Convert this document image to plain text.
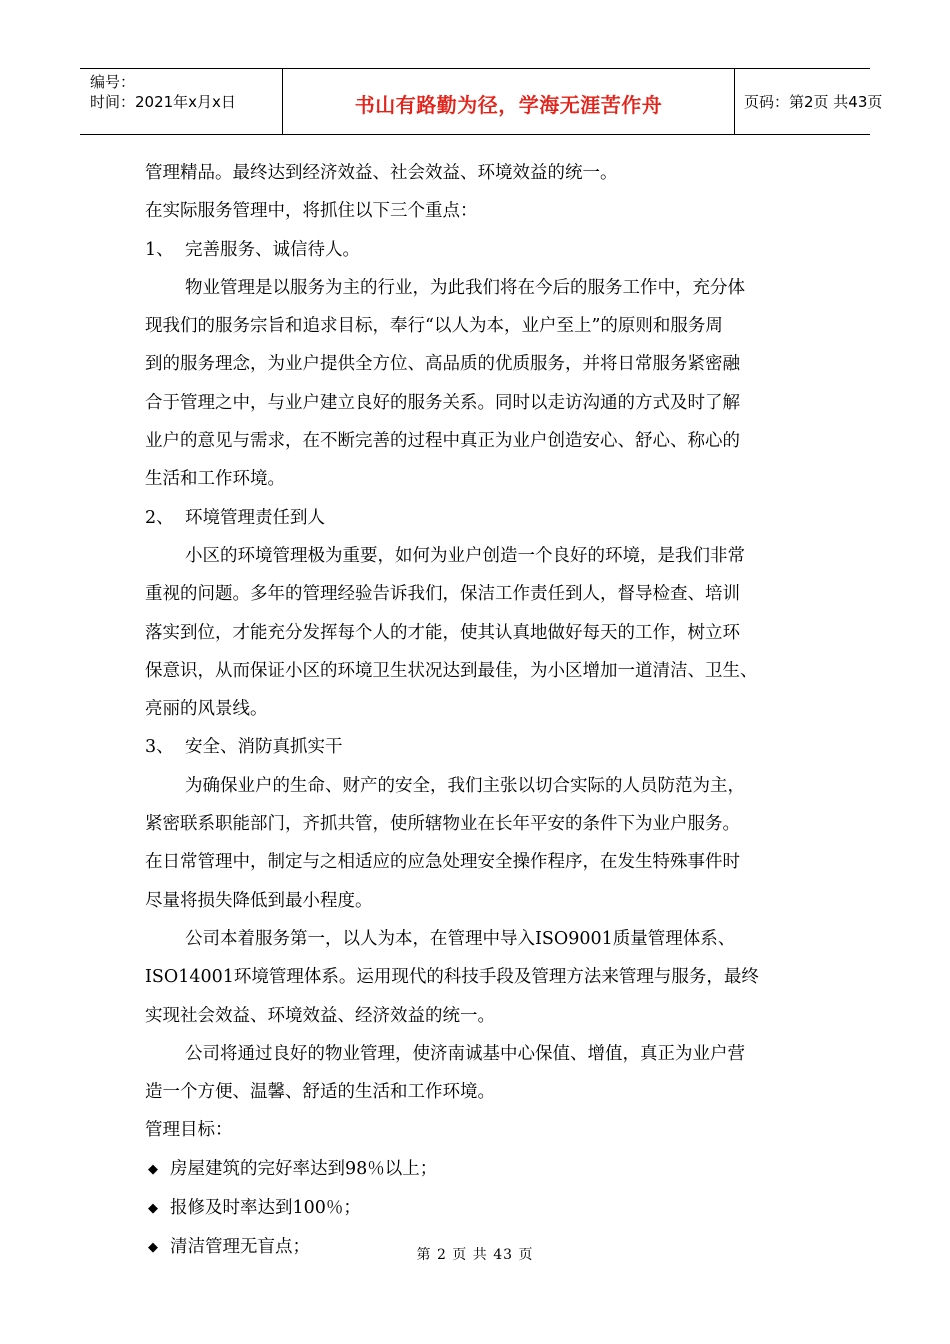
编号：
时间：2021年x月x日	书山有路勤为径，学海无涯苦作舟	页码：第2页 共43页

管理精品。最终达到经济效益、社会效益、环境效益的统一。

在实际服务管理中，将抓住以下三个重点：

1、 完善服务、诚信待人。

物业管理是以服务为主的行业，为此我们将在今后的服务工作中，充分体

现我们的服务宗旨和追求目标，奉行“以人为本，业户至上”的原则和服务周

到的服务理念，为业户提供全方位、高品质的优质服务，并将日常服务紧密融

合于管理之中，与业户建立良好的服务关系。同时以走访沟通的方式及时了解

业户的意见与需求，在不断完善的过程中真正为业户创造安心、舒心、称心的

生活和工作环境。

2、 环境管理责任到人

小区的环境管理极为重要，如何为业户创造一个良好的环境，是我们非常

重视的问题。多年的管理经验告诉我们，保洁工作责任到人，督导检查、培训

落实到位，才能充分发挥每个人的才能，使其认真地做好每天的工作，树立环

保意识，从而保证小区的环境卫生状况达到最佳，为小区增加一道清洁、卫生、

亮丽的风景线。

3、 安全、消防真抓实干

为确保业户的生命、财产的安全，我们主张以切合实际的人员防范为主，

紧密联系职能部门，齐抓共管，使所辖物业在长年平安的条件下为业户服务。

在日常管理中，制定与之相适应的应急处理安全操作程序，在发生特殊事件时

尽量将损失降低到最小程度。

公司本着服务第一，以人为本，在管理中导入ISO9001质量管理体系、

ISO14001环境管理体系。运用现代的科技手段及管理方法来管理与服务，最终

实现社会效益、环境效益、经济效益的统一。

公司将通过良好的物业管理，使济南诚基中心保值、增值，真正为业户营

造一个方便、温馨、舒适的生活和工作环境。

管理目标：

◆ 房屋建筑的完好率达到98％以上；

◆ 报修及时率达到100％；

◆ 清洁管理无盲点；	第 2 页 共 43 页
